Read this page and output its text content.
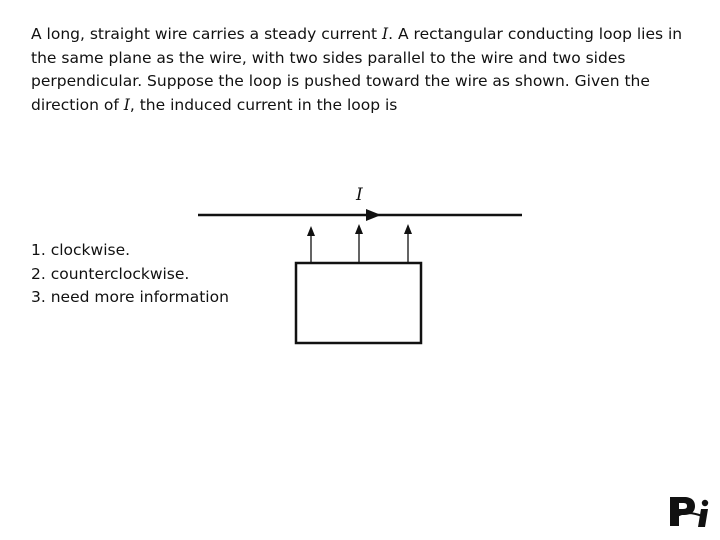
A long, straight wire carries a steady current I. A rectangular conducting loop lies in the same plane as the wire, with two sides parallel to the wire and two sides perpendicular. Suppose the loop is pushed toward the wire as shown. Given the direction of I, the induced current in the loop is

I
1. clockwise.
2. counterclockwise.
3. need more information
